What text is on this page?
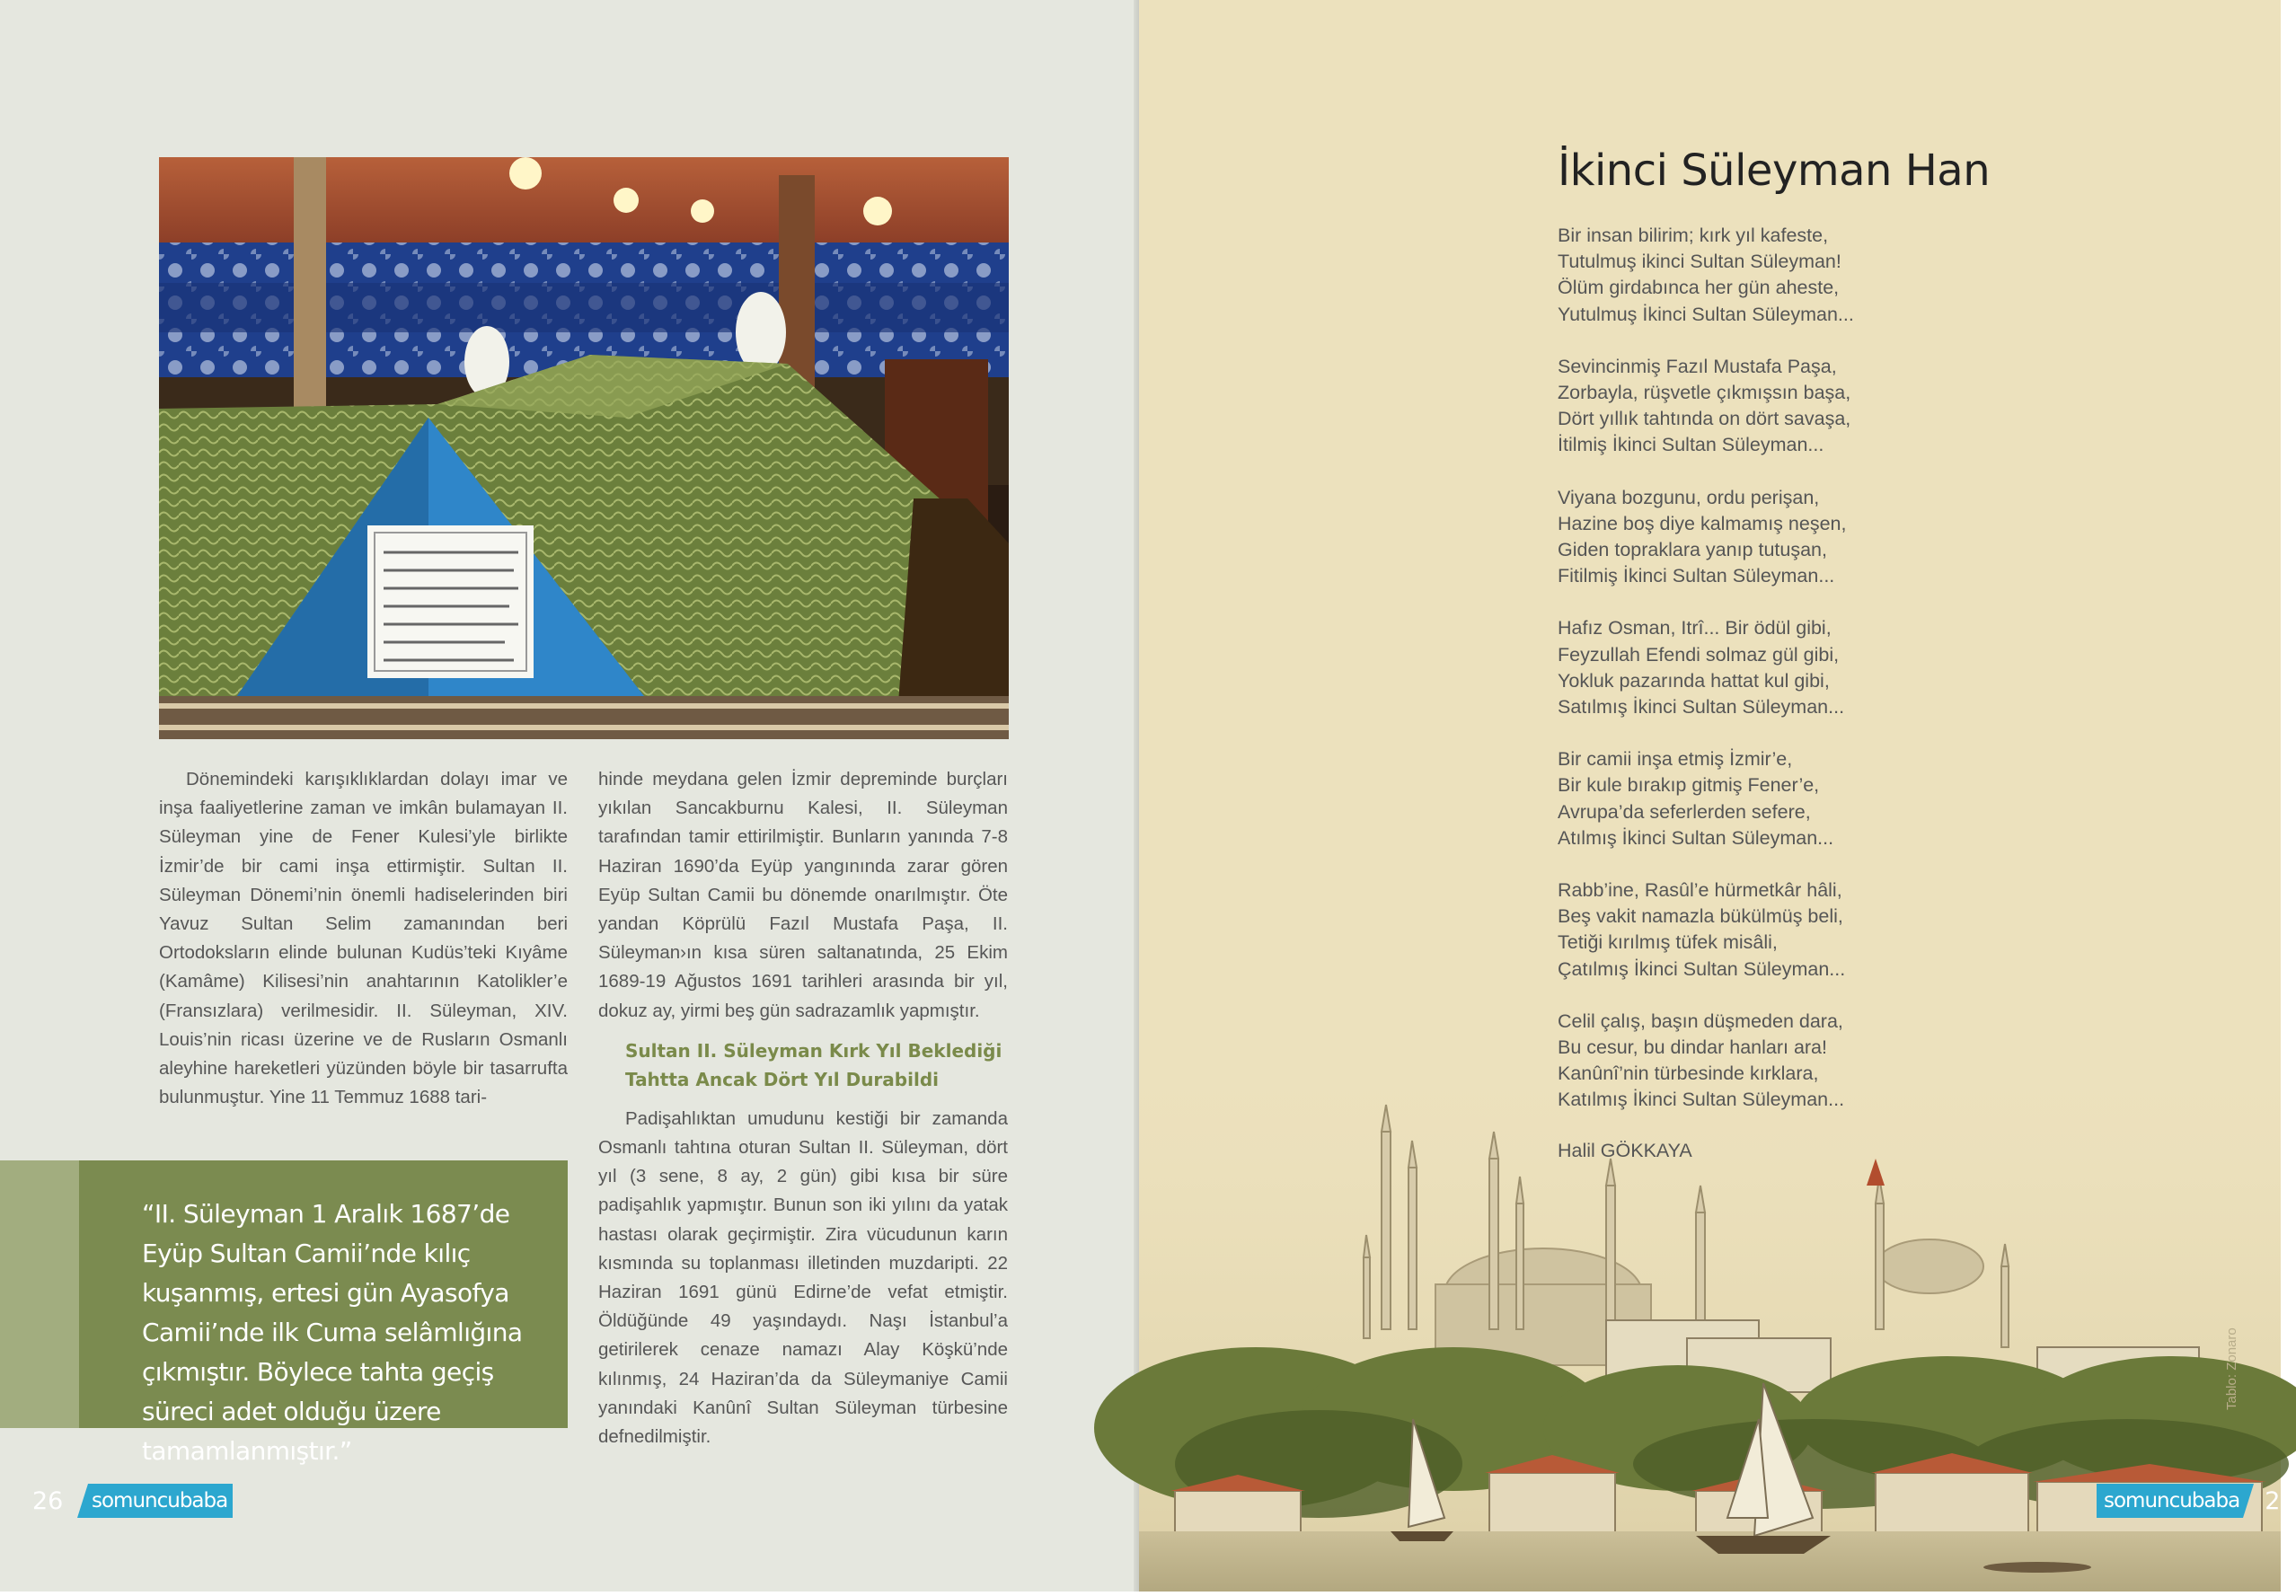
Dönemindeki karışıklıklardan dolayı imar ve inşa faaliyetlerine zaman ve imkân bulamayan II. Süleyman yine de Fener Kulesi’yle birlikte İzmir’de bir cami inşa ettirmiştir. Sultan II. Süleyman Dönemi’nin önemli hadiselerinden biri Yavuz Sultan Selim zamanından beri Ortodoksların elinde bulunan Kudüs’teki Kıyâme (Kamâme) Kilisesi’nin anahtarının Katolikler’e (Fransızlara) verilmesidir. II. Süleyman, XIV. Louis’nin ricası üzerine ve de Rusların Osmanlı aleyhine hareketleri yüzünden böyle bir tasarrufta bulunmuştur. Yine 11 Temmuz 1688 tari-

hinde meydana gelen İzmir depreminde burçları yıkılan Sancakburnu Kalesi, II. Süleyman tarafından tamir ettirilmiştir. Bunların yanında 7-8 Haziran 1690’da Eyüp yangınında zarar gören Eyüp Sultan Camii bu dönemde onarılmıştır. Öte yandan Köprülü Fazıl Mustafa Paşa, II. Süleyman›ın kısa süren saltanatında, 25 Ekim 1689-19 Ağustos 1691 tarihleri arasında bir yıl, dokuz ay, yirmi beş gün sadrazamlık yapmıştır.

Sultan II. Süleyman Kırk Yıl Beklediği
Tahtta Ancak Dört Yıl Durabildi

Padişahlıktan umudunu kestiği bir zamanda Osmanlı tahtına oturan Sultan II. Süleyman, dört yıl (3 sene, 8 ay, 2 gün) gibi kısa bir süre padişahlık yapmıştır. Bunun son iki yılını da yatak hastası olarak geçirmiştir. Zira vücudunun karın kısmında su toplanması illetinden muzdaripti. 22 Haziran 1691 günü Edirne’de vefat etmiştir. Öldüğünde 49 yaşındaydı. Naşı İstanbul’a getirilerek cenaze namazı Alay Köşkü’nde kılınmış, 24 Haziran’da da Süleymaniye Camii yanındaki Kanûnî Sultan Süleyman türbesine defnedilmiştir.

“II. Süleyman 1 Aralık 1687’de Eyüp Sultan Camii’nde kılıç kuşanmış, ertesi gün Ayasofya Camii’nde ilk Cuma selâmlığına çıkmıştır. Böylece tahta geçiş süreci adet olduğu üzere tamamlanmıştır.”
26	somuncubaba
İkinci Süleyman Han
Bir insan bilirim; kırk yıl kafeste,
Tutulmuş ikinci Sultan Süleyman!
Ölüm girdabınca her gün aheste,
Yutulmuş İkinci Sultan Süleyman...
Sevincinmiş Fazıl Mustafa Paşa,
Zorbayla, rüşvetle çıkmışsın başa,
Dört yıllık tahtında on dört savaşa,
İtilmiş İkinci Sultan Süleyman...
Viyana bozgunu, ordu perişan,
Hazine boş diye kalmamış neşen,
Giden topraklara yanıp tutuşan,
Fitilmiş İkinci Sultan Süleyman...
Hafız Osman, Itrî... Bir ödül gibi,
Feyzullah Efendi solmaz gül gibi,
Yokluk pazarında hattat kul gibi,
Satılmış İkinci Sultan Süleyman...
Bir camii inşa etmiş İzmir’e,
Bir kule bırakıp gitmiş Fener’e,
Avrupa’da seferlerden sefere,
Atılmış İkinci Sultan Süleyman...
Rabb’ine, Rasûl’e hürmetkâr hâli,
Beş vakit namazla bükülmüş beli,
Tetiği kırılmış tüfek misâli,
Çatılmış İkinci Sultan Süleyman...
Celil çalış, başın düşmeden dara,
Bu cesur, bu dindar hanları ara!
Kanûnî’nin türbesinde kırklara,
Katılmış İkinci Sultan Süleyman...
Halil GÖKKAYA
Tablo: Zonaro
somuncubaba	27
